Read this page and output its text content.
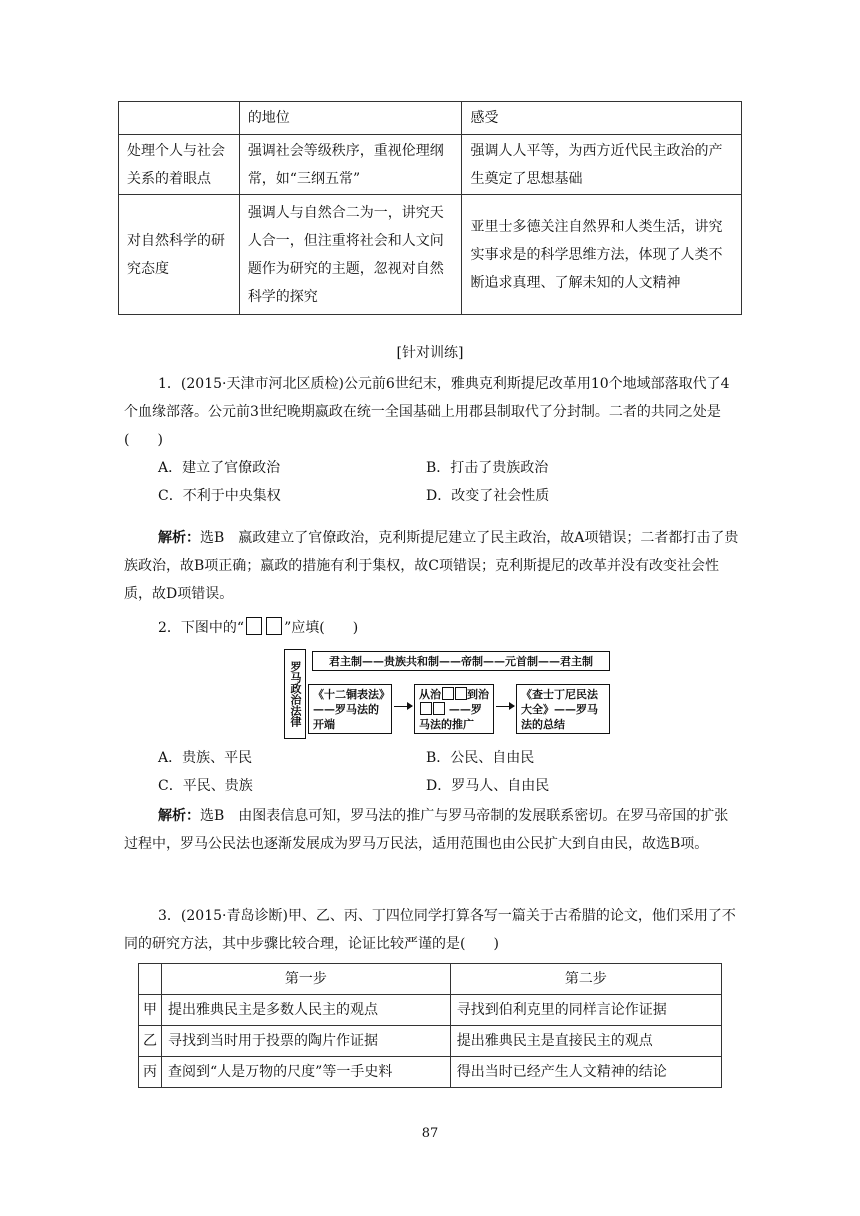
	的地位	感受
处理个人与社会关系的着眼点	强调社会等级秩序，重视伦理纲常，如“三纲五常”	强调人人平等，为西方近代民主政治的产生奠定了思想基础
对自然科学的研究态度	强调人与自然合二为一，讲究天人合一，但注重将社会和人文问题作为研究的主题，忽视对自然科学的探究	亚里士多德关注自然界和人类生活，讲究实事求是的科学思维方法，体现了人类不断追求真理、了解未知的人文精神
[针对训练]
1．(2015·天津市河北区质检)公元前6世纪末，雅典克利斯提尼改革用10个地域部落取代了4个血缘部落。公元前3世纪晚期嬴政在统一全国基础上用郡县制取代了分封制。二者的共同之处是(　　)
A．建立了官僚政治	B．打击了贵族政治
C．不利于中央集权	D．改变了社会性质
解析：选B　嬴政建立了官僚政治，克利斯提尼建立了民主政治，故A项错误；二者都打击了贵族政治，故B项正确；嬴政的措施有利于集权，故C项错误；克利斯提尼的改革并没有改变社会性质，故D项错误。
2．下图中的“	”应填(　　)
罗马政治法律	君主制——贵族共和制——帝制——元首制——君主制
《十二铜表法》——罗马法的开端
从治 到治 ——罗马法的推广
《查士丁尼民法大全》——罗马法的总结
A．贵族、平民	B．公民、自由民
C．平民、贵族	D．罗马人、自由民
解析：选B　由图表信息可知，罗马法的推广与罗马帝制的发展联系密切。在罗马帝国的扩张过程中，罗马公民法也逐渐发展成为罗马万民法，适用范围也由公民扩大到自由民，故选B项。
3．(2015·青岛诊断)甲、乙、丙、丁四位同学打算各写一篇关于古希腊的论文，他们采用了不同的研究方法，其中步骤比较合理，论证比较严谨的是(　　)
	第一步	第二步
甲	提出雅典民主是多数人民主的观点	寻找到伯利克里的同样言论作证据
乙	寻找到当时用于投票的陶片作证据	提出雅典民主是直接民主的观点
丙	查阅到“人是万物的尺度”等一手史料	得出当时已经产生人文精神的结论
87
